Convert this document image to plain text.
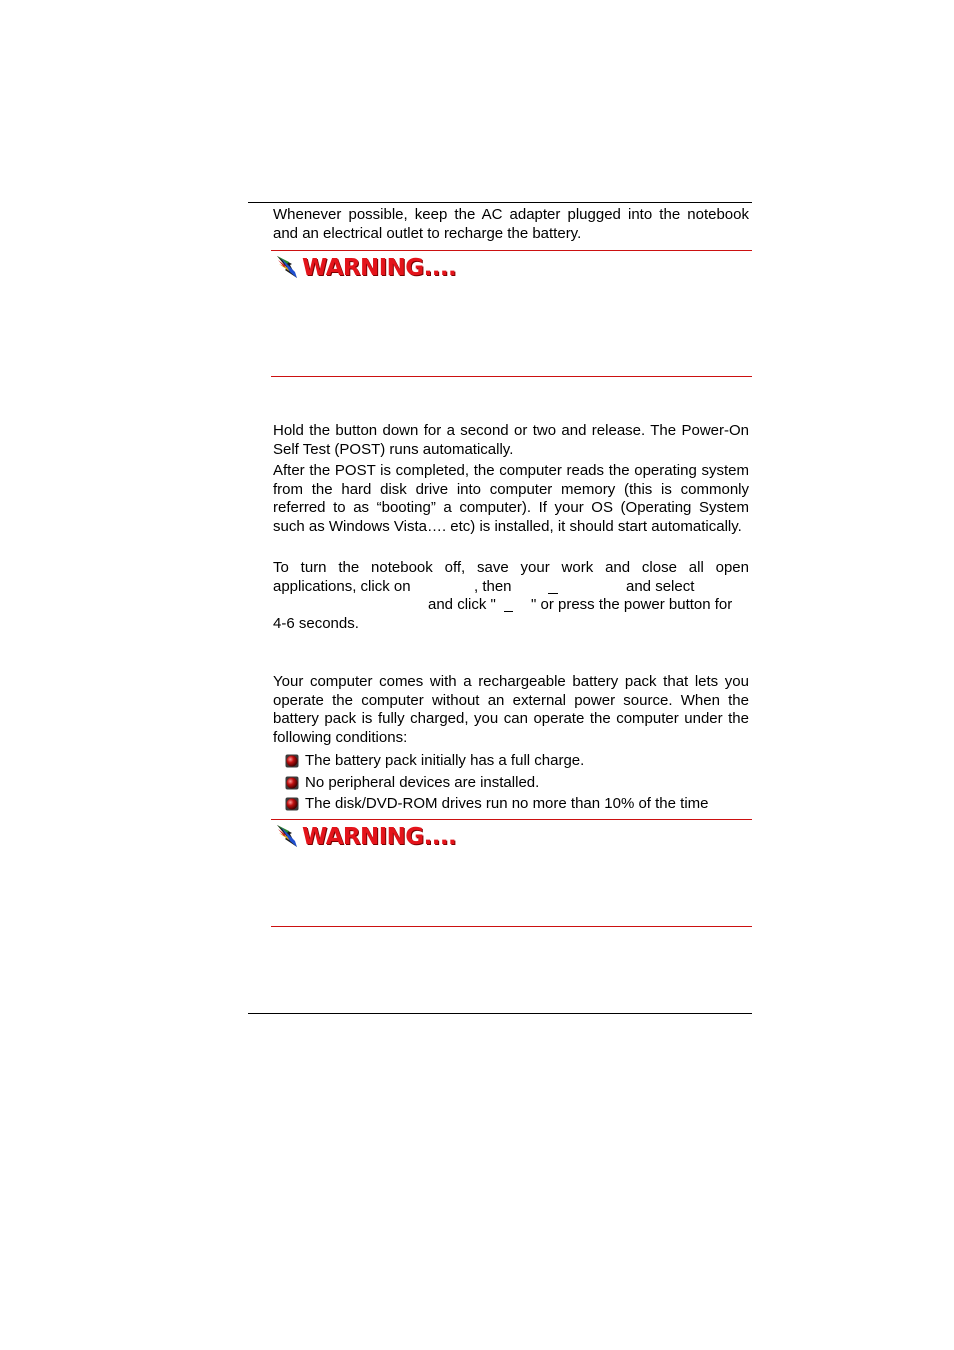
Whenever possible, keep the AC adapter plugged into the notebook and an electrical outlet to recharge the battery.

WARNING....

Hold the button down for a second or two and release. The Power-On Self Test (POST) runs automatically.

After the POST is completed, the computer reads the operating system from the hard disk drive into computer memory (this is commonly referred to as “booting” a computer). If your OS (Operating System such as Windows Vista…. etc) is installed, it should start automatically.

To turn the notebook off, save your work and close all open
applications, click on	, then	and select
and click " " or press the power button for
4-6 seconds.

Your computer comes with a rechargeable battery pack that lets you operate the computer without an external power source. When the battery pack is fully charged, you can operate the computer under the following conditions:

The battery pack initially has a full charge.
No peripheral devices are installed.
The disk/DVD-ROM drives run no more than 10% of the time
WARNING....
